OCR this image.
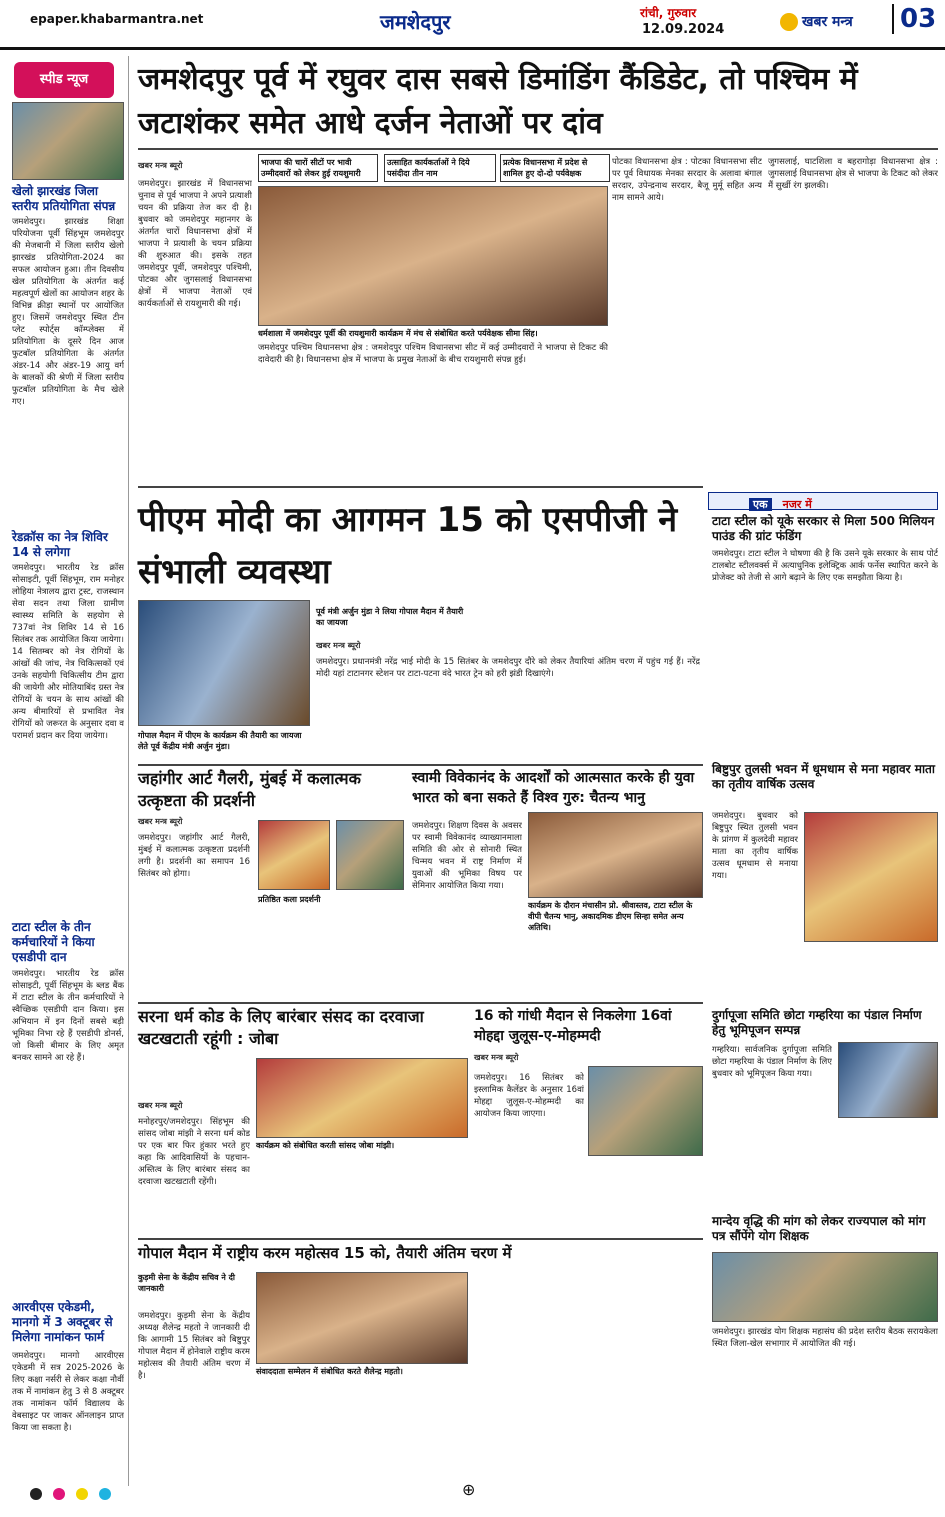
epaper.khabarmantra.net	जमशेदपुर	रांची, गुरुवार
12.09.2024	खबर मन्त्र	03
स्पीड न्यूज
खेलो झारखंड जिला स्तरीय प्रतियोगिता संपन्न
जमशेदपुर। झारखंड शिक्षा परियोजना पूर्वी सिंहभूम जमशेदपुर की मेजबानी में जिला स्तरीय खेलो झारखंड प्रतियोगिता-2024 का सफल आयोजन हुआ। तीन दिवसीय खेल प्रतियोगिता के अंतर्गत कई महत्वपूर्ण खेलों का आयोजन शहर के विभिन्न क्रीड़ा स्थानों पर आयोजित हुए। जिसमें जमशेदपुर स्थित टीन प्लेट स्पोर्ट्स कॉम्प्लेक्स में प्रतियोगिता के दूसरे दिन आज फुटबॉल प्रतियोगिता के अंतर्गत अंडर-14 और अंडर-19 आयु वर्ग के बालकों की श्रेणी में जिला स्तरीय फुटबॉल प्रतियोगिता के मैच खेले गए।
रेडक्रॉस का नेत्र शिविर 14 से लगेगा
जमशेदपुर। भारतीय रेड क्रॉस सोसाइटी, पूर्वी सिंहभूम, राम मनोहर लोहिया नेत्रालय द्वारा ट्रस्ट, राजस्थान सेवा सदन तथा जिला ग्रामीण स्वास्थ्य समिति के सहयोग से 737वां नेत्र शिविर 14 से 16 सितंबर तक आयोजित किया जायेगा। 14 सितम्बर को नेत्र रोगियों के आंखों की जांच, नेत्र चिकित्सकों एवं उनके सहयोगी चिकित्सीय टीम द्वारा की जायेगी और मोतियाबिंद ग्रस्त नेत्र रोगियों के चयन के साथ आंखों की अन्य बीमारियों से प्रभावित नेत्र रोगियों को जरूरत के अनुसार दवा व परामर्श प्रदान कर दिया जायेगा।
टाटा स्टील के तीन कर्मचारियों ने किया एसडीपी दान
जमशेदपुर। भारतीय रेड क्रॉस सोसाइटी, पूर्वी सिंहभूम के ब्लड बैंक में टाटा स्टील के तीन कर्मचारियों ने स्वैच्छिक एसडीपी दान किया। इस अभियान में इन दिनों सबसे बड़ी भूमिका निभा रहे हैं एसडीपी डोनर्स, जो किसी बीमार के लिए अमृत बनकर सामने आ रहे हैं।
आरवीएस एकेडमी, मानगो में 3 अक्टूबर से मिलेगा नामांकन फार्म
जमशेदपुर। मानगो आरवीएस एकेडमी में सत्र 2025-2026 के लिए कक्षा नर्सरी से लेकर कक्षा नौवीं तक में नामांकन हेतु 3 से 8 अक्टूबर तक नामांकन फॉर्म विद्यालय के वेबसाइट पर जाकर ऑनलाइन प्राप्त किया जा सकता है।
जमशेदपुर पूर्व में रघुवर दास सबसे डिमांडिंग कैंडिडेट, तो पश्चिम में जटाशंकर समेत आधे दर्जन नेताओं पर दांव
भाजपा की चारों सीटों पर भावी उम्मीदवारों को लेकर हुई रायशुमारी
उत्साहित कार्यकर्ताओं ने दिये पसंदीदा तीन नाम
प्रत्येक विधानसभा में प्रदेश से शामिल हुए दो-दो पर्यवेक्षक
खबर मन्त्र ब्यूरो
जमशेदपुर। झारखंड में विधानसभा चुनाव से पूर्व भाजपा ने अपने प्रत्याशी चयन की प्रक्रिया तेज कर दी है। बुधवार को जमशेदपुर महानगर के अंतर्गत चारों विधानसभा क्षेत्रों में भाजपा ने प्रत्याशी के चयन प्रक्रिया की शुरुआत की। इसके तहत जमशेदपुर पूर्वी, जमशेदपुर पश्चिमी, पोटका और जुगसलाई विधानसभा क्षेत्रों में भाजपा नेताओं एवं कार्यकर्ताओं से रायशुमारी की गई।
धर्मशाला में जमशेदपुर पूर्वी की रायशुमारी कार्यक्रम में मंच से संबोधित करते पर्यवेक्षक सीमा सिंह।
जमशेदपुर पश्चिम विधानसभा क्षेत्र : जमशेदपुर पश्चिम विधानसभा सीट में कई उम्मीदवारों ने भाजपा से टिकट की दावेदारी की है। विधानसभा क्षेत्र में भाजपा के प्रमुख नेताओं के बीच रायशुमारी संपन्न हुई।
पोटका विधानसभा क्षेत्र : पोटका विधानसभा सीट पर पूर्व विधायक मेनका सरदार के अलावा बंगाल सरदार, उपेन्द्रनाथ सरदार, बैजू मुर्मू सहित अन्य नाम सामने आये।
जुगसलाई, घाटशिला व बहरागोड़ा विधानसभा क्षेत्र : जुगसलाई विधानसभा क्षेत्र से भाजपा के टिकट को लेकर मैं सुर्खी रंग झलकी।
पीएम मोदी का आगमन 15 को एसपीजी ने संभाली व्यवस्था
गोपाल मैदान में पीएम के कार्यक्रम की तैयारी का जायजा लेते पूर्व केंद्रीय मंत्री अर्जुन मुंडा।
पूर्व मंत्री अर्जुन मुंडा ने लिया गोपाल मैदान में तैयारी का जायजा
खबर मन्त्र ब्यूरो
जमशेदपुर। प्रधानमंत्री नरेंद्र भाई मोदी के 15 सितंबर के जमशेदपुर दौरे को लेकर तैयारियां अंतिम चरण में पहुंच गई हैं। नरेंद्र मोदी यहां टाटानगर स्टेशन पर टाटा-पटना वंदे भारत ट्रेन को हरी झंडी दिखाएंगे।
एक नजर में
टाटा स्टील को यूके सरकार से मिला 500 मिलियन पाउंड की ग्रांट फंडिंग
जमशेदपुर। टाटा स्टील ने घोषणा की है कि उसने यूके सरकार के साथ पोर्ट टालबोट स्टीलवर्क्स में अत्याधुनिक इलेक्ट्रिक आर्क फर्नेस स्थापित करने के प्रोजेक्ट को तेजी से आगे बढ़ाने के लिए एक समझौता किया है।
बिष्टुपुर तुलसी भवन में धूमधाम से मना महावर माता का तृतीय वार्षिक उत्सव
जमशेदपुर। बुधवार को बिष्टुपुर स्थित तुलसी भवन के प्रांगण में कुलदेवी महावर माता का तृतीय वार्षिक उत्सव धूमधाम से मनाया गया।
दुर्गापूजा समिति छोटा गम्हरिया का पंडाल निर्माण हेतु भूमिपूजन सम्पन्न
गम्हरिया। सार्वजनिक दुर्गापूजा समिति छोटा गम्हरिया के पंडाल निर्माण के लिए बुधवार को भूमिपूजन किया गया।
मान्देय वृद्धि की मांग को लेकर राज्यपाल को मांग पत्र सौंपेंगे योग शिक्षक
जमशेदपुर। झारखंड योग शिक्षक महासंघ की प्रदेश स्तरीय बैठक सरायकेला स्थित जिला-खेल सभागार में आयोजित की गई।
जहांगीर आर्ट गैलरी, मुंबई में कलात्मक उत्कृष्टता की प्रदर्शनी
खबर मन्त्र ब्यूरो
जमशेदपुर। जहांगीर आर्ट गैलरी, मुंबई में कलात्मक उत्कृष्टता प्रदर्शनी लगी है। प्रदर्शनी का समापन 16 सितंबर को होगा।
प्रतिष्ठित कला प्रदर्शनी
स्वामी विवेकानंद के आदर्शों को आत्मसात करके ही युवा भारत को बना सकते हैं विश्व गुरु: चैतन्य भानु
जमशेदपुर। शिक्षण दिवस के अवसर पर स्वामी विवेकानंद व्याख्यानमाला समिति की ओर से सोनारी स्थित चिन्मय भवन में राष्ट्र निर्माण में युवाओं की भूमिका विषय पर सेमिनार आयोजित किया गया।
कार्यक्रम के दौरान मंचासीन प्रो. श्रीवास्तव, टाटा स्टील के वीपी चैतन्य भानु, अकादमिक डीएम सिन्हा समेत अन्य अतिथि।
सरना धर्म कोड के लिए बारंबार संसद का दरवाजा खटखटाती रहूंगी : जोबा
खबर मन्त्र ब्यूरो
मनोहरपुर/जमशेदपुर। सिंहभूम की सांसद जोबा मांझी ने सरना धर्म कोड पर एक बार फिर हुंकार भरते हुए कहा कि आदिवासियों के पहचान-अस्तित्व के लिए बारंबार संसद का दरवाजा खटखटाती रहेंगी।
कार्यक्रम को संबोधित करती सांसद जोबा मांझी।
16 को गांधी मैदान से निकलेगा 16वां मोहद्दा जुलूस-ए-मोहम्मदी
खबर मन्त्र ब्यूरो
जमशेदपुर। 16 सितंबर को इस्लामिक कैलेंडर के अनुसार 16वां मोहद्दा जुलूस-ए-मोहम्मदी का आयोजन किया जाएगा।
गोपाल मैदान में राष्ट्रीय करम महोत्सव 15 को, तैयारी अंतिम चरण में
कुड़मी सेना के केंद्रीय सचिव ने दी जानकारी
जमशेदपुर। कुड़मी सेना के केंद्रीय अध्यक्ष शैलेन्द्र महतो ने जानकारी दी कि आगामी 15 सितंबर को बिष्टुपुर गोपाल मैदान में होनेवाले राष्ट्रीय करम महोत्सव की तैयारी अंतिम चरण में है।	संवाददाता सम्मेलन में संबोधित करते शैलेन्द्र महतो।

⊕
